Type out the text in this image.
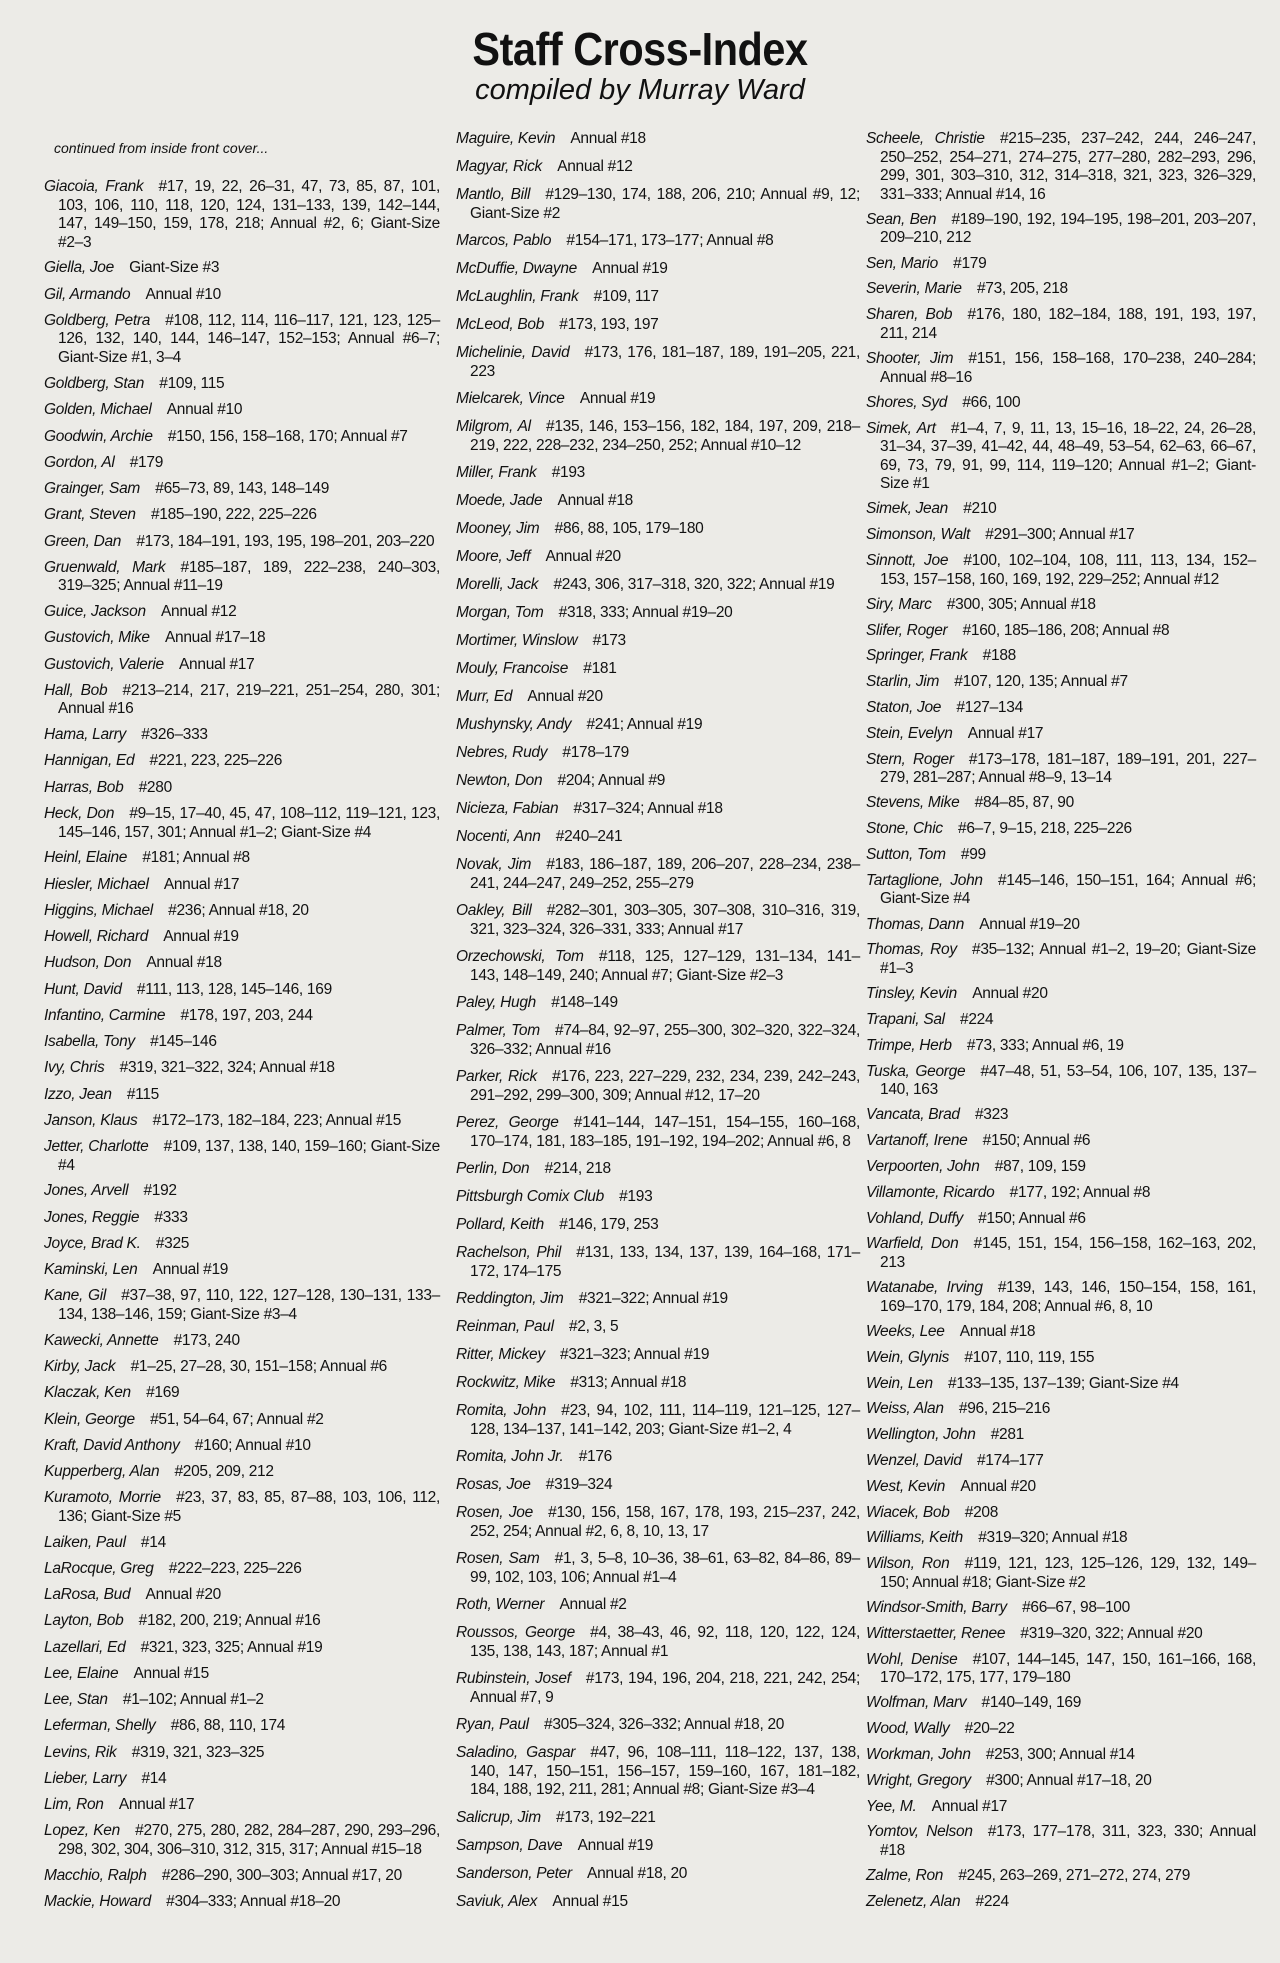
Staff Cross-Index
compiled by Murray Ward
continued from inside front cover...
Giacoia, Frank  #17, 19, 22, 26–31, 47, 73, 85, 87, 101, 103, 106, 110, 118, 120, 124, 131–133, 139, 142–144, 147, 149–150, 159, 178, 218; Annual #2, 6; Giant-Size #2–3
Giella, Joe  Giant-Size #3
Gil, Armando  Annual #10
Goldberg, Petra  #108, 112, 114, 116–117, 121, 123, 125–126, 132, 140, 144, 146–147, 152–153; Annual #6–7; Giant-Size #1, 3–4
Goldberg, Stan  #109, 115
Golden, Michael  Annual #10
Goodwin, Archie  #150, 156, 158–168, 170; Annual #7
Gordon, Al  #179
Grainger, Sam  #65–73, 89, 143, 148–149
Grant, Steven  #185–190, 222, 225–226
Green, Dan  #173, 184–191, 193, 195, 198–201, 203–220
Gruenwald, Mark  #185–187, 189, 222–238, 240–303, 319–325; Annual #11–19
Guice, Jackson  Annual #12
Gustovich, Mike  Annual #17–18
Gustovich, Valerie  Annual #17
Hall, Bob  #213–214, 217, 219–221, 251–254, 280, 301; Annual #16
Hama, Larry  #326–333
Hannigan, Ed  #221, 223, 225–226
Harras, Bob  #280
Heck, Don  #9–15, 17–40, 45, 47, 108–112, 119–121, 123, 145–146, 157, 301; Annual #1–2; Giant-Size #4
Heinl, Elaine  #181; Annual #8
Hiesler, Michael  Annual #17
Higgins, Michael  #236; Annual #18, 20
Howell, Richard  Annual #19
Hudson, Don  Annual #18
Hunt, David  #111, 113, 128, 145–146, 169
Infantino, Carmine  #178, 197, 203, 244
Isabella, Tony  #145–146
Ivy, Chris  #319, 321–322, 324; Annual #18
Izzo, Jean  #115
Janson, Klaus  #172–173, 182–184, 223; Annual #15
Jetter, Charlotte  #109, 137, 138, 140, 159–160; Giant-Size #4
Jones, Arvell  #192
Jones, Reggie  #333
Joyce, Brad K.  #325
Kaminski, Len  Annual #19
Kane, Gil  #37–38, 97, 110, 122, 127–128, 130–131, 133–134, 138–146, 159; Giant-Size #3–4
Kawecki, Annette  #173, 240
Kirby, Jack  #1–25, 27–28, 30, 151–158; Annual #6
Klaczak, Ken  #169
Klein, George  #51, 54–64, 67; Annual #2
Kraft, David Anthony  #160; Annual #10
Kupperberg, Alan  #205, 209, 212
Kuramoto, Morrie  #23, 37, 83, 85, 87–88, 103, 106, 112, 136; Giant-Size #5
Laiken, Paul  #14
LaRocque, Greg  #222–223, 225–226
LaRosa, Bud  Annual #20
Layton, Bob  #182, 200, 219; Annual #16
Lazellari, Ed  #321, 323, 325; Annual #19
Lee, Elaine  Annual #15
Lee, Stan  #1–102; Annual #1–2
Leferman, Shelly  #86, 88, 110, 174
Levins, Rik  #319, 321, 323–325
Lieber, Larry  #14
Lim, Ron  Annual #17
Lopez, Ken  #270, 275, 280, 282, 284–287, 290, 293–296, 298, 302, 304, 306–310, 312, 315, 317; Annual #15–18
Macchio, Ralph  #286–290, 300–303; Annual #17, 20
Mackie, Howard  #304–333; Annual #18–20
Maguire, Kevin  Annual #18
Magyar, Rick  Annual #12
Mantlo, Bill  #129–130, 174, 188, 206, 210; Annual #9, 12; Giant-Size #2
Marcos, Pablo  #154–171, 173–177; Annual #8
McDuffie, Dwayne  Annual #19
McLaughlin, Frank  #109, 117
McLeod, Bob  #173, 193, 197
Michelinie, David  #173, 176, 181–187, 189, 191–205, 221, 223
Mielcarek, Vince  Annual #19
Milgrom, Al  #135, 146, 153–156, 182, 184, 197, 209, 218–219, 222, 228–232, 234–250, 252; Annual #10–12
Miller, Frank  #193
Moede, Jade  Annual #18
Mooney, Jim  #86, 88, 105, 179–180
Moore, Jeff  Annual #20
Morelli, Jack  #243, 306, 317–318, 320, 322; Annual #19
Morgan, Tom  #318, 333; Annual #19–20
Mortimer, Winslow  #173
Mouly, Francoise  #181
Murr, Ed  Annual #20
Mushynsky, Andy  #241; Annual #19
Nebres, Rudy  #178–179
Newton, Don  #204; Annual #9
Nicieza, Fabian  #317–324; Annual #18
Nocenti, Ann  #240–241
Novak, Jim  #183, 186–187, 189, 206–207, 228–234, 238–241, 244–247, 249–252, 255–279
Oakley, Bill  #282–301, 303–305, 307–308, 310–316, 319, 321, 323–324, 326–331, 333; Annual #17
Orzechowski, Tom  #118, 125, 127–129, 131–134, 141–143, 148–149, 240; Annual #7; Giant-Size #2–3
Paley, Hugh  #148–149
Palmer, Tom  #74–84, 92–97, 255–300, 302–320, 322–324, 326–332; Annual #16
Parker, Rick  #176, 223, 227–229, 232, 234, 239, 242–243, 291–292, 299–300, 309; Annual #12, 17–20
Perez, George  #141–144, 147–151, 154–155, 160–168, 170–174, 181, 183–185, 191–192, 194–202; Annual #6, 8
Perlin, Don  #214, 218
Pittsburgh Comix Club  #193
Pollard, Keith  #146, 179, 253
Rachelson, Phil  #131, 133, 134, 137, 139, 164–168, 171–172, 174–175
Reddington, Jim  #321–322; Annual #19
Reinman, Paul  #2, 3, 5
Ritter, Mickey  #321–323; Annual #19
Rockwitz, Mike  #313; Annual #18
Romita, John  #23, 94, 102, 111, 114–119, 121–125, 127–128, 134–137, 141–142, 203; Giant-Size #1–2, 4
Romita, John Jr.  #176
Rosas, Joe  #319–324
Rosen, Joe  #130, 156, 158, 167, 178, 193, 215–237, 242, 252, 254; Annual #2, 6, 8, 10, 13, 17
Rosen, Sam  #1, 3, 5–8, 10–36, 38–61, 63–82, 84–86, 89–99, 102, 103, 106; Annual #1–4
Roth, Werner  Annual #2
Roussos, George  #4, 38–43, 46, 92, 118, 120, 122, 124, 135, 138, 143, 187; Annual #1
Rubinstein, Josef  #173, 194, 196, 204, 218, 221, 242, 254; Annual #7, 9
Ryan, Paul  #305–324, 326–332; Annual #18, 20
Saladino, Gaspar  #47, 96, 108–111, 118–122, 137, 138, 140, 147, 150–151, 156–157, 159–160, 167, 181–182, 184, 188, 192, 211, 281; Annual #8; Giant-Size #3–4
Salicrup, Jim  #173, 192–221
Sampson, Dave  Annual #19
Sanderson, Peter  Annual #18, 20
Saviuk, Alex  Annual #15
Scheele, Christie  #215–235, 237–242, 244, 246–247, 250–252, 254–271, 274–275, 277–280, 282–293, 296, 299, 301, 303–310, 312, 314–318, 321, 323, 326–329, 331–333; Annual #14, 16
Sean, Ben  #189–190, 192, 194–195, 198–201, 203–207, 209–210, 212
Sen, Mario  #179
Severin, Marie  #73, 205, 218
Sharen, Bob  #176, 180, 182–184, 188, 191, 193, 197, 211, 214
Shooter, Jim  #151, 156, 158–168, 170–238, 240–284; Annual #8–16
Shores, Syd  #66, 100
Simek, Art  #1–4, 7, 9, 11, 13, 15–16, 18–22, 24, 26–28, 31–34, 37–39, 41–42, 44, 48–49, 53–54, 62–63, 66–67, 69, 73, 79, 91, 99, 114, 119–120; Annual #1–2; Giant-Size #1
Simek, Jean  #210
Simonson, Walt  #291–300; Annual #17
Sinnott, Joe  #100, 102–104, 108, 111, 113, 134, 152–153, 157–158, 160, 169, 192, 229–252; Annual #12
Siry, Marc  #300, 305; Annual #18
Slifer, Roger  #160, 185–186, 208; Annual #8
Springer, Frank  #188
Starlin, Jim  #107, 120, 135; Annual #7
Staton, Joe  #127–134
Stein, Evelyn  Annual #17
Stern, Roger  #173–178, 181–187, 189–191, 201, 227–279, 281–287; Annual #8–9, 13–14
Stevens, Mike  #84–85, 87, 90
Stone, Chic  #6–7, 9–15, 218, 225–226
Sutton, Tom  #99
Tartaglione, John  #145–146, 150–151, 164; Annual #6; Giant-Size #4
Thomas, Dann  Annual #19–20
Thomas, Roy  #35–132; Annual #1–2, 19–20; Giant-Size #1–3
Tinsley, Kevin  Annual #20
Trapani, Sal  #224
Trimpe, Herb  #73, 333; Annual #6, 19
Tuska, George  #47–48, 51, 53–54, 106, 107, 135, 137–140, 163
Vancata, Brad  #323
Vartanoff, Irene  #150; Annual #6
Verpoorten, John  #87, 109, 159
Villamonte, Ricardo  #177, 192; Annual #8
Vohland, Duffy  #150; Annual #6
Warfield, Don  #145, 151, 154, 156–158, 162–163, 202, 213
Watanabe, Irving  #139, 143, 146, 150–154, 158, 161, 169–170, 179, 184, 208; Annual #6, 8, 10
Weeks, Lee  Annual #18
Wein, Glynis  #107, 110, 119, 155
Wein, Len  #133–135, 137–139; Giant-Size #4
Weiss, Alan  #96, 215–216
Wellington, John  #281
Wenzel, David  #174–177
West, Kevin  Annual #20
Wiacek, Bob  #208
Williams, Keith  #319–320; Annual #18
Wilson, Ron  #119, 121, 123, 125–126, 129, 132, 149–150; Annual #18; Giant-Size #2
Windsor-Smith, Barry  #66–67, 98–100
Witterstaetter, Renee  #319–320, 322; Annual #20
Wohl, Denise  #107, 144–145, 147, 150, 161–166, 168, 170–172, 175, 177, 179–180
Wolfman, Marv  #140–149, 169
Wood, Wally  #20–22
Workman, John  #253, 300; Annual #14
Wright, Gregory  #300; Annual #17–18, 20
Yee, M.  Annual #17
Yomtov, Nelson  #173, 177–178, 311, 323, 330; Annual #18
Zalme, Ron  #245, 263–269, 271–272, 274, 279
Zelenetz, Alan  #224
